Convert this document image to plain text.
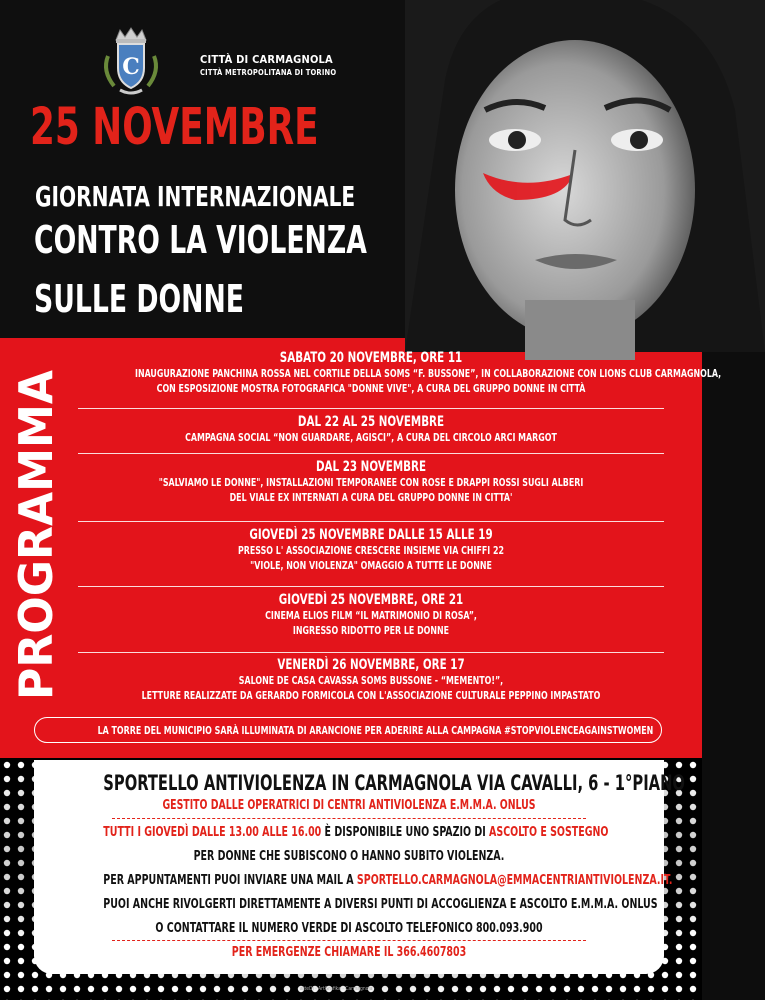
C	CITTÀ DI CARMAGNOLA
CITTÀ METROPOLITANA DI TORINO
25 NOVEMBRE
GIORNATA INTERNAZIONALE
CONTRO LA VIOLENZA
SULLE DONNE
PROGRAMMA	SABATO 20 NOVEMBRE, ORE 11
INAUGURAZIONE PANCHINA ROSSA NEL CORTILE DELLA SOMS “F. BUSSONE”, IN COLLABORAZIONE CON LIONS CLUB CARMAGNOLA,
CON ESPOSIZIONE MOSTRA FOTOGRAFICA "DONNE VIVE", A CURA DEL GRUPPO DONNE IN CITTÀ
DAL 22 AL 25 NOVEMBRE
CAMPAGNA SOCIAL “NON GUARDARE, AGISCI”, A CURA DEL CIRCOLO ARCI MARGOT
DAL 23 NOVEMBRE
"SALVIAMO LE DONNE", INSTALLAZIONI TEMPORANEE CON ROSE E DRAPPI ROSSI SUGLI ALBERI
DEL VIALE EX INTERNATI A CURA DEL GRUPPO DONNE IN CITTA'
GIOVEDÌ 25 NOVEMBRE DALLE 15 ALLE 19
PRESSO L' ASSOCIAZIONE CRESCERE INSIEME VIA CHIFFI 22
"VIOLE, NON VIOLENZA" OMAGGIO A TUTTE LE DONNE
GIOVEDÌ 25 NOVEMBRE, ORE 21
CINEMA ELIOS FILM “IL MATRIMONIO DI ROSA”,
INGRESSO RIDOTTO PER LE DONNE
VENERDÌ 26 NOVEMBRE, ORE 17
SALONE DE CASA CAVASSA SOMS BUSSONE - “MEMENTO!”,
LETTURE REALIZZATE DA GERARDO FORMICOLA CON L'ASSOCIAZIONE CULTURALE PEPPINO IMPASTATO
LA TORRE DEL MUNICIPIO SARÀ ILLUMINATA DI ARANCIONE PER ADERIRE ALLA CAMPAGNA #STOPVIOLENCEAGAINSTWOMEN
SPORTELLO ANTIVIOLENZA IN CARMAGNOLA VIA CAVALLI, 6 - 1°PIANO
GESTITO DALLE OPERATRICI DI CENTRI ANTIVIOLENZA E.M.M.A. ONLUS
TUTTI I GIOVEDÌ DALLE 13.00 ALLE 16.00 È DISPONIBILE UNO SPAZIO DI ASCOLTO E SOSTEGNO
PER DONNE CHE SUBISCONO O HANNO SUBITO VIOLENZA.
PER APPUNTAMENTI PUOI INVIARE UNA MAIL A SPORTELLO.CARMAGNOLA@EMMACENTRIANTIVIOLENZA.IT.
PUOI ANCHE RIVOLGERTI DIRETTAMENTE A DIVERSI PUNTI DI ACCOGLIENZA E ASCOLTO E.M.M.A. ONLUS
O CONTATTARE IL NUMERO VERDE DI ASCOLTO TELEFONICO 800.093.900
PER EMERGENZE CHIAMARE IL 366.4607803
atteDi · ArtGrafika · Carmagnola
